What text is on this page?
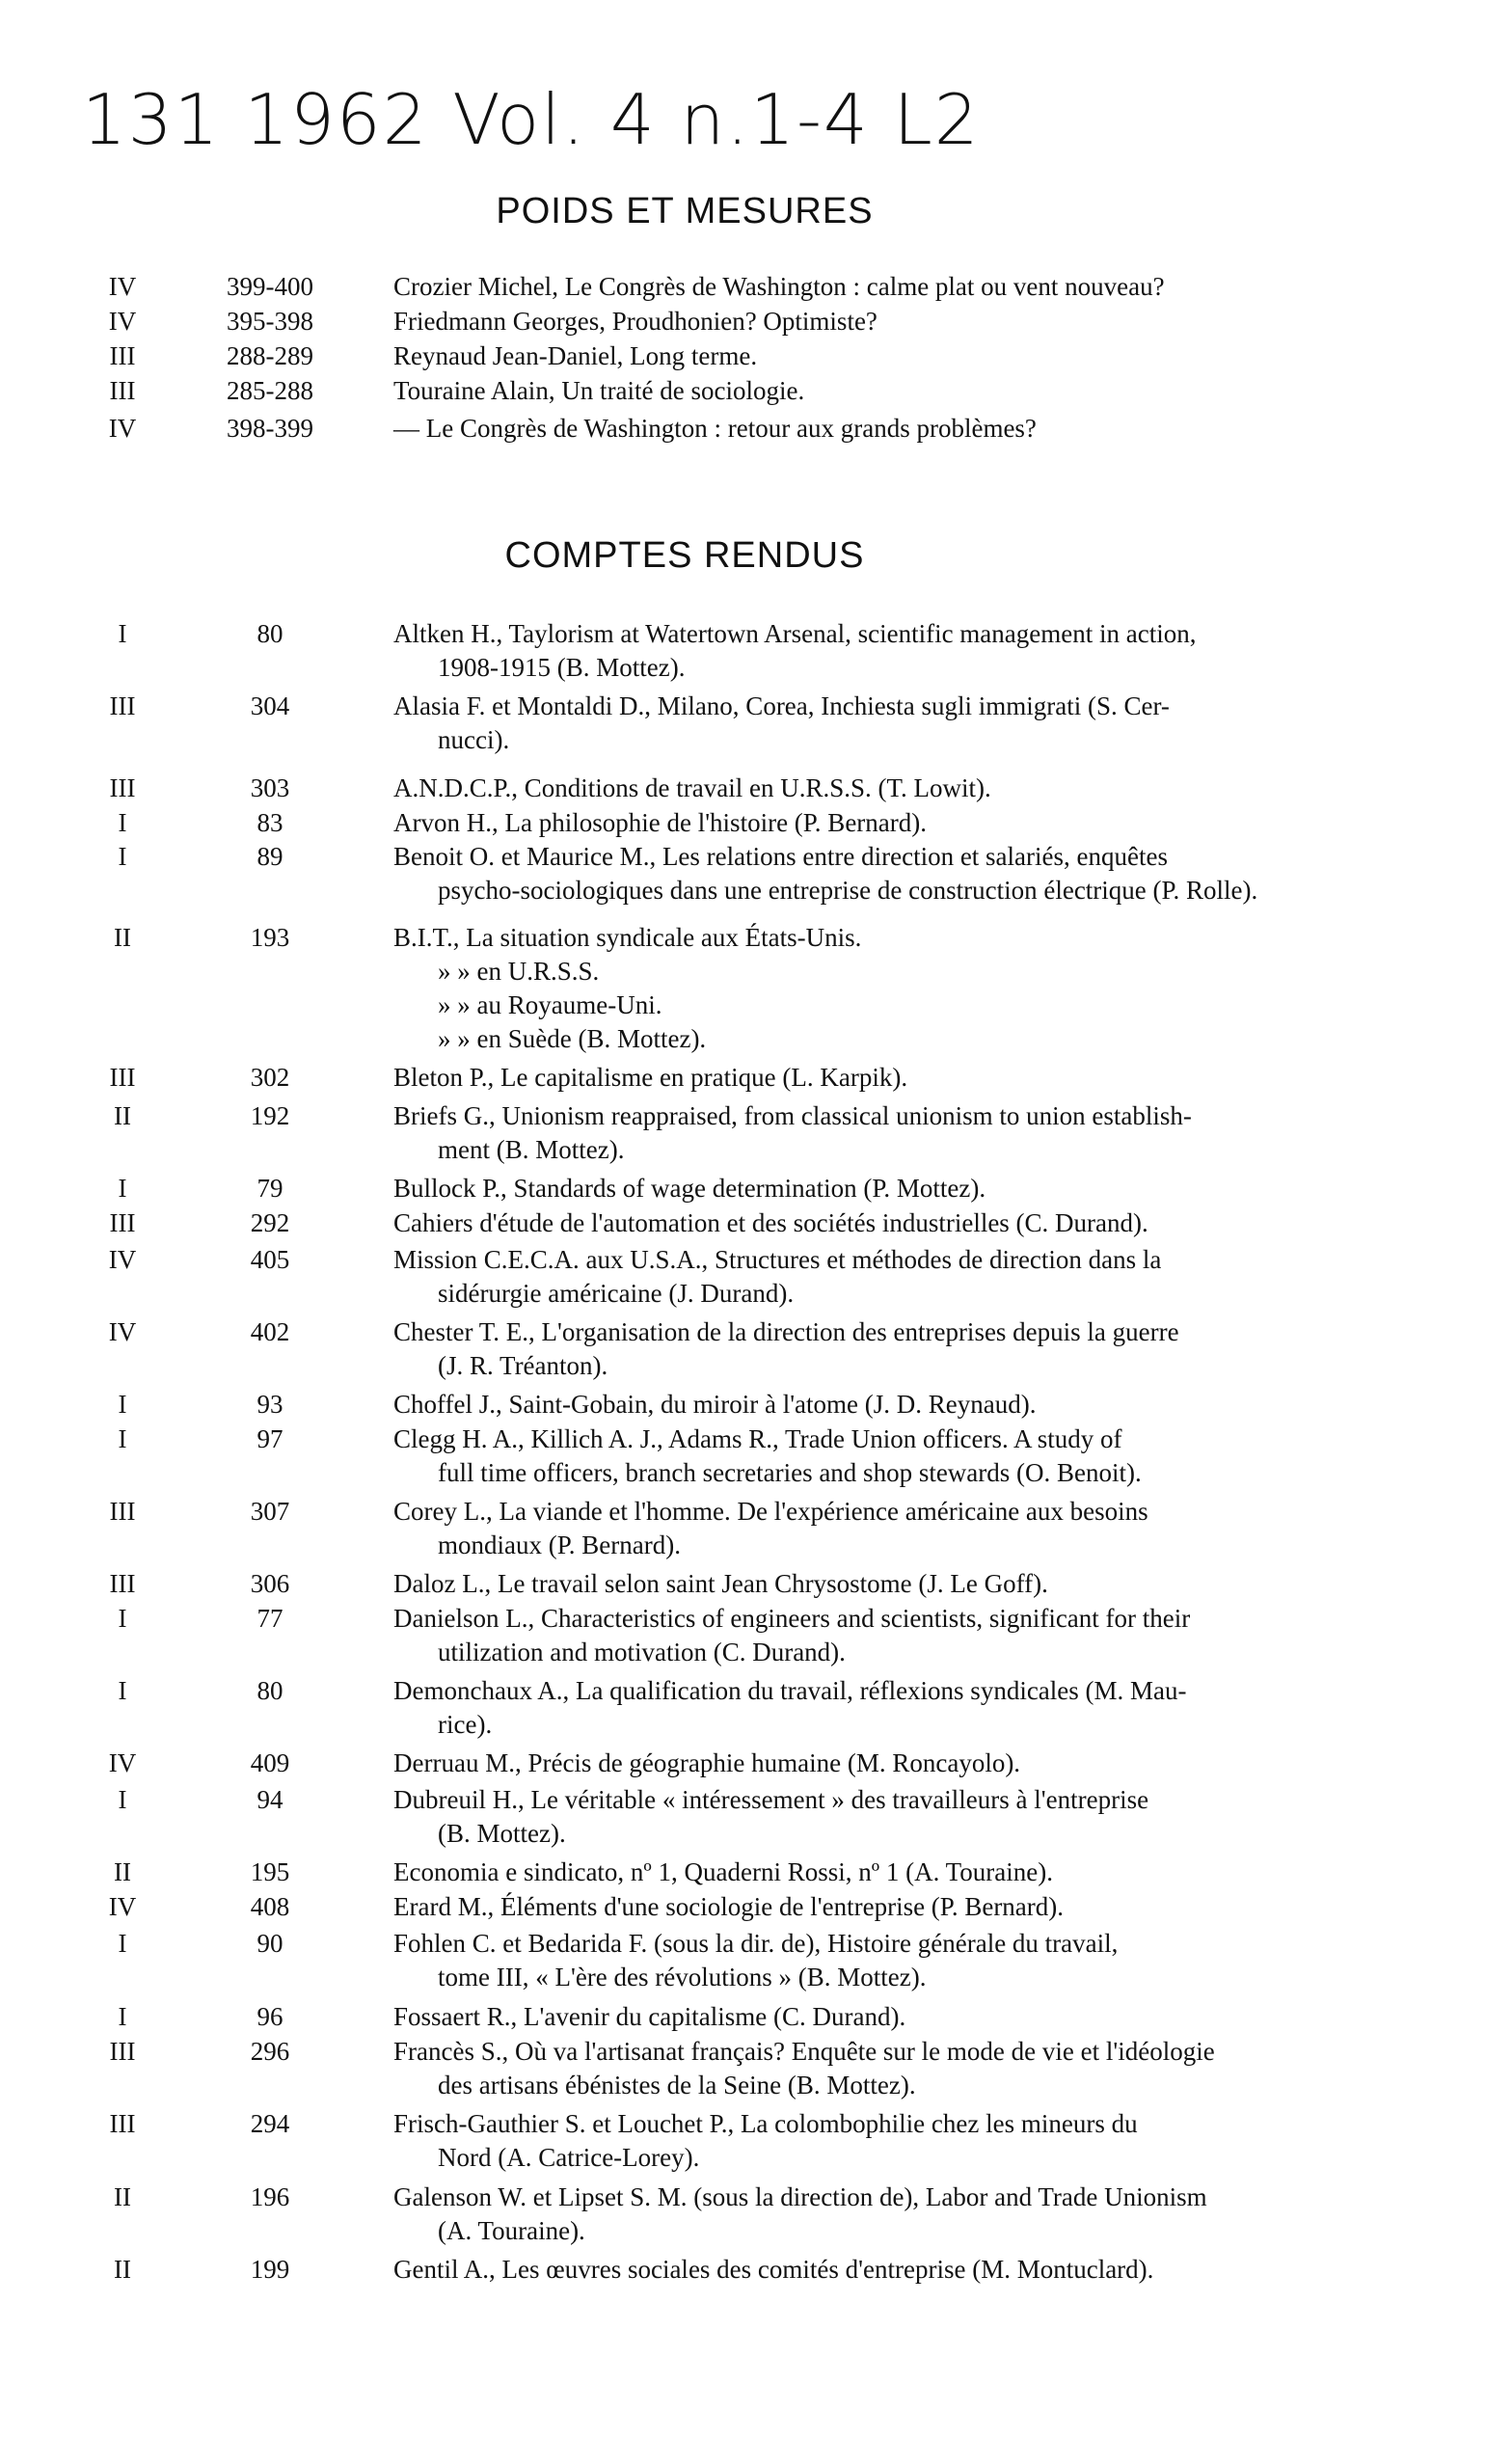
131 1962 Vol. 4 n.1-4 L2
POIDS ET MESURES
IV	399-400	Crozier Michel, Le Congrès de Washington : calme plat ou vent nouveau?
IV	395-398	Friedmann Georges, Proudhonien? Optimiste?
III	288-289	Reynaud Jean-Daniel, Long terme.
III	285-288	Touraine Alain, Un traité de sociologie.
IV	398-399	— Le Congrès de Washington : retour aux grands problèmes?
COMPTES RENDUS
I	80	Altken H., Taylorism at Watertown Arsenal, scientific management in action,
1908-1915 (B. Mottez).
III	304	Alasia F. et Montaldi D., Milano, Corea, Inchiesta sugli immigrati (S. Cer-
nucci).
III	303	A.N.D.C.P., Conditions de travail en U.R.S.S. (T. Lowit).
I	83	Arvon H., La philosophie de l'histoire (P. Bernard).
I	89	Benoit O. et Maurice M., Les relations entre direction et salariés, enquêtes
psycho-sociologiques dans une entreprise de construction électrique (P. Rolle).
II	193	B.I.T., La situation syndicale aux États-Unis.
» » en U.R.S.S.
» » au Royaume-Uni.
» » en Suède (B. Mottez).
III	302	Bleton P., Le capitalisme en pratique (L. Karpik).
II	192	Briefs G., Unionism reappraised, from classical unionism to union establish-
ment (B. Mottez).
I	79	Bullock P., Standards of wage determination (P. Mottez).
III	292	Cahiers d'étude de l'automation et des sociétés industrielles (C. Durand).
IV	405	Mission C.E.C.A. aux U.S.A., Structures et méthodes de direction dans la
sidérurgie américaine (J. Durand).
IV	402	Chester T. E., L'organisation de la direction des entreprises depuis la guerre
(J. R. Tréanton).
I	93	Choffel J., Saint-Gobain, du miroir à l'atome (J. D. Reynaud).
I	97	Clegg H. A., Killich A. J., Adams R., Trade Union officers. A study of
full time officers, branch secretaries and shop stewards (O. Benoit).
III	307	Corey L., La viande et l'homme. De l'expérience américaine aux besoins
mondiaux (P. Bernard).
III	306	Daloz L., Le travail selon saint Jean Chrysostome (J. Le Goff).
I	77	Danielson L., Characteristics of engineers and scientists, significant for their
utilization and motivation (C. Durand).
I	80	Demonchaux A., La qualification du travail, réflexions syndicales (M. Mau-
rice).
IV	409	Derruau M., Précis de géographie humaine (M. Roncayolo).
I	94	Dubreuil H., Le véritable « intéressement » des travailleurs à l'entreprise
(B. Mottez).
II	195	Economia e sindicato, nº 1, Quaderni Rossi, nº 1 (A. Touraine).
IV	408	Erard M., Éléments d'une sociologie de l'entreprise (P. Bernard).
I	90	Fohlen C. et Bedarida F. (sous la dir. de), Histoire générale du travail,
tome III, « L'ère des révolutions » (B. Mottez).
I	96	Fossaert R., L'avenir du capitalisme (C. Durand).
III	296	Francès S., Où va l'artisanat français? Enquête sur le mode de vie et l'idéologie
des artisans ébénistes de la Seine (B. Mottez).
III	294	Frisch-Gauthier S. et Louchet P., La colombophilie chez les mineurs du
Nord (A. Catrice-Lorey).
II	196	Galenson W. et Lipset S. M. (sous la direction de), Labor and Trade Unionism
(A. Touraine).
II	199	Gentil A., Les œuvres sociales des comités d'entreprise (M. Montuclard).
